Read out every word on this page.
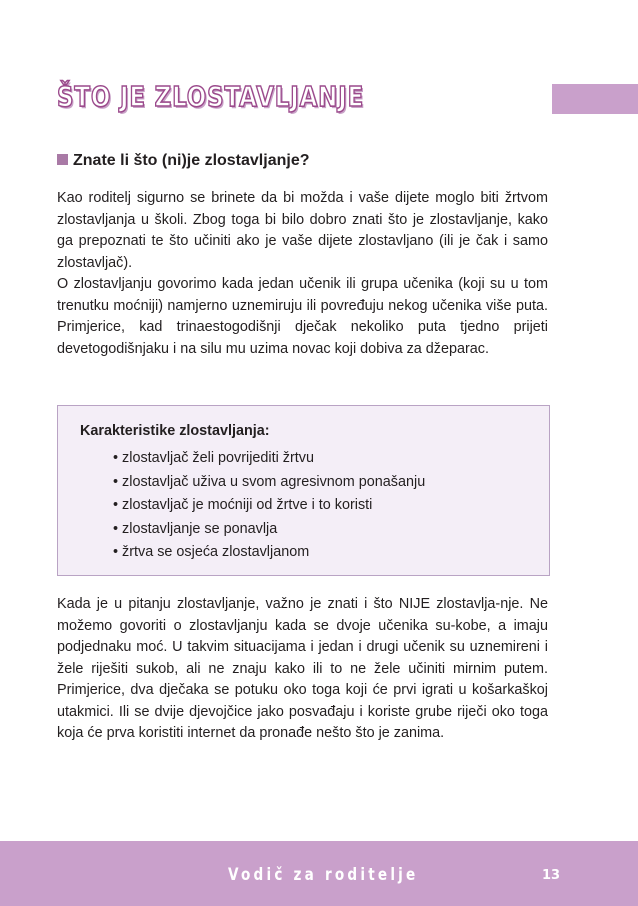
ŠTO JE ZLOSTAVLJANJE
Znate li što (ni)je zlostavljanje?

Kao roditelj sigurno se brinete da bi možda i vaše dijete moglo biti žrtvom zlostavljanja u školi. Zbog toga bi bilo dobro znati što je zlostavljanje, kako ga prepoznati te što učiniti ako je vaše dijete zlostavljano (ili je čak i samo zlostavljač).

O zlostavljanju govorimo kada jedan učenik ili grupa učenika (koji su u tom trenutku moćniji) namjerno uznemiruju ili povređuju nekog učenika više puta. Primjerice, kad trinaestogodišnji dječak nekoliko puta tjedno prijeti devetogodišnjaku i na silu mu uzima novac koji dobiva za džeparac.

Karakteristike zlostavljanja:
• zlostavljač želi povrijediti žrtvu
• zlostavljač uživa u svom agresivnom ponašanju
• zlostavljač je moćniji od žrtve i to koristi
• zlostavljanje se ponavlja
• žrtva se osjeća zlostavljanom

Kada je u pitanju zlostavljanje, važno je znati i što NIJE zlostavlja-nje. Ne možemo govoriti o zlostavljanju kada se dvoje učenika su-kobe, a imaju podjednaku moć. U takvim situacijama i jedan i drugi učenik su uznemireni i žele riješiti sukob, ali ne znaju kako ili to ne žele učiniti mirnim putem. Primjerice, dva dječaka se potuku oko toga koji će prvi igrati u košarkaškoj utakmici. Ili se dvije djevojčice jako posvađaju i koriste grube riječi oko toga koja će prva koristiti internet da pronađe nešto što je zanima.

Vodič za roditelje	13
